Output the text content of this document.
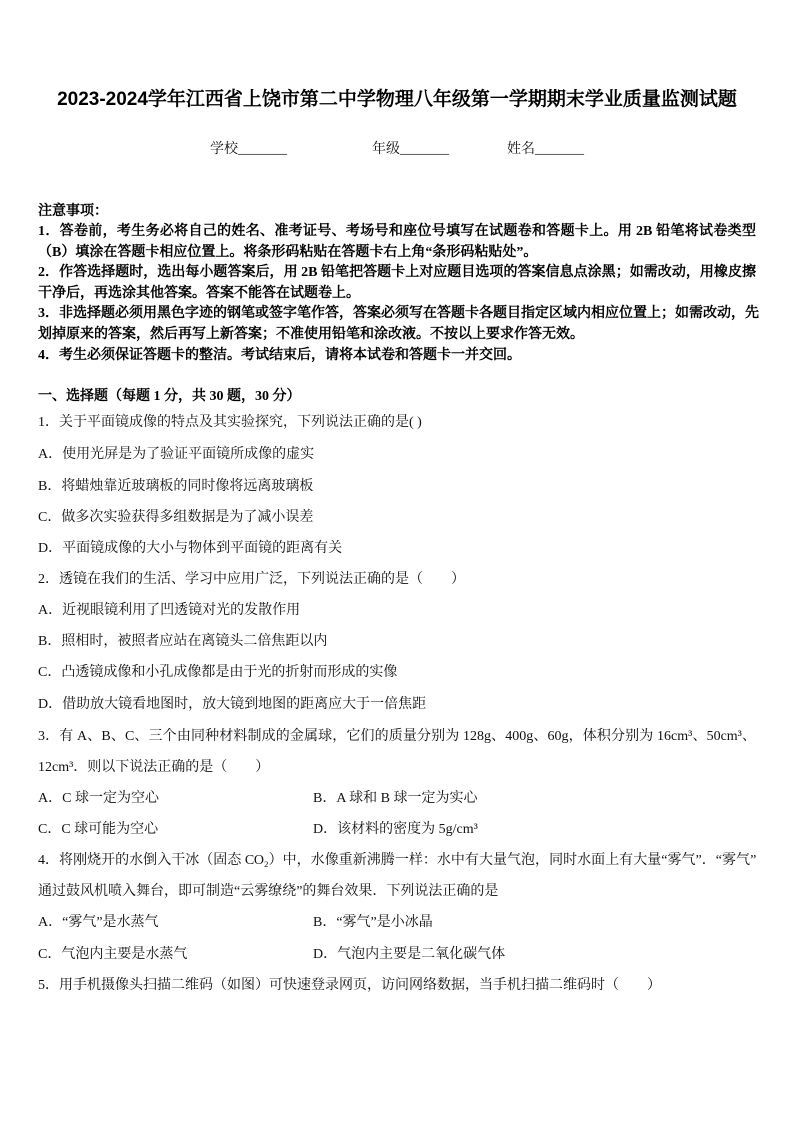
2023-2024学年江西省上饶市第二中学物理八年级第一学期期末学业质量监测试题
学校_______	年级_______	姓名_______
注意事项：
1．答卷前，考生务必将自己的姓名、准考证号、考场号和座位号填写在试题卷和答题卡上。用 2B 铅笔将试卷类型
（B）填涂在答题卡相应位置上。将条形码粘贴在答题卡右上角“条形码粘贴处”。
2．作答选择题时，选出每小题答案后，用 2B 铅笔把答题卡上对应题目选项的答案信息点涂黑；如需改动，用橡皮擦
干净后，再选涂其他答案。答案不能答在试题卷上。
3．非选择题必须用黑色字迹的钢笔或签字笔作答，答案必须写在答题卡各题目指定区域内相应位置上；如需改动，先
划掉原来的答案，然后再写上新答案；不准使用铅笔和涂改液。不按以上要求作答无效。
4．考生必须保证答题卡的整洁。考试结束后，请将本试卷和答题卡一并交回。
一、选择题（每题 1 分，共 30 题，30 分）
1．关于平面镜成像的特点及其实验探究，下列说法正确的是( )
A．使用光屏是为了验证平面镜所成像的虚实
B．将蜡烛靠近玻璃板的同时像将远离玻璃板
C．做多次实验获得多组数据是为了减小误差
D．平面镜成像的大小与物体到平面镜的距离有关
2．透镜在我们的生活、学习中应用广泛，下列说法正确的是（　　）
A．近视眼镜利用了凹透镜对光的发散作用
B．照相时，被照者应站在离镜头二倍焦距以内
C．凸透镜成像和小孔成像都是由于光的折射而形成的实像
D．借助放大镜看地图时，放大镜到地图的距离应大于一倍焦距
3．有 A、B、C、三个由同种材料制成的金属球，它们的质量分别为 128g、400g、60g，体积分别为 16cm³、50cm³、
12cm³．则以下说法正确的是（　　）
A．C 球一定为空心	B．A 球和 B 球一定为实心
C．C 球可能为空心	D．该材料的密度为 5g/cm³
4．将刚烧开的水倒入干冰（固态 CO₂）中，水像重新沸腾一样：水中有大量气泡，同时水面上有大量“雾气”．“雾气”
通过鼓风机喷入舞台，即可制造“云雾缭绕”的舞台效果．下列说法正确的是
A．“雾气”是水蒸气	B．“雾气”是小冰晶
C．气泡内主要是水蒸气	D．气泡内主要是二氧化碳气体
5．用手机摄像头扫描二维码（如图）可快速登录网页，访问网络数据，当手机扫描二维码时（　　）
